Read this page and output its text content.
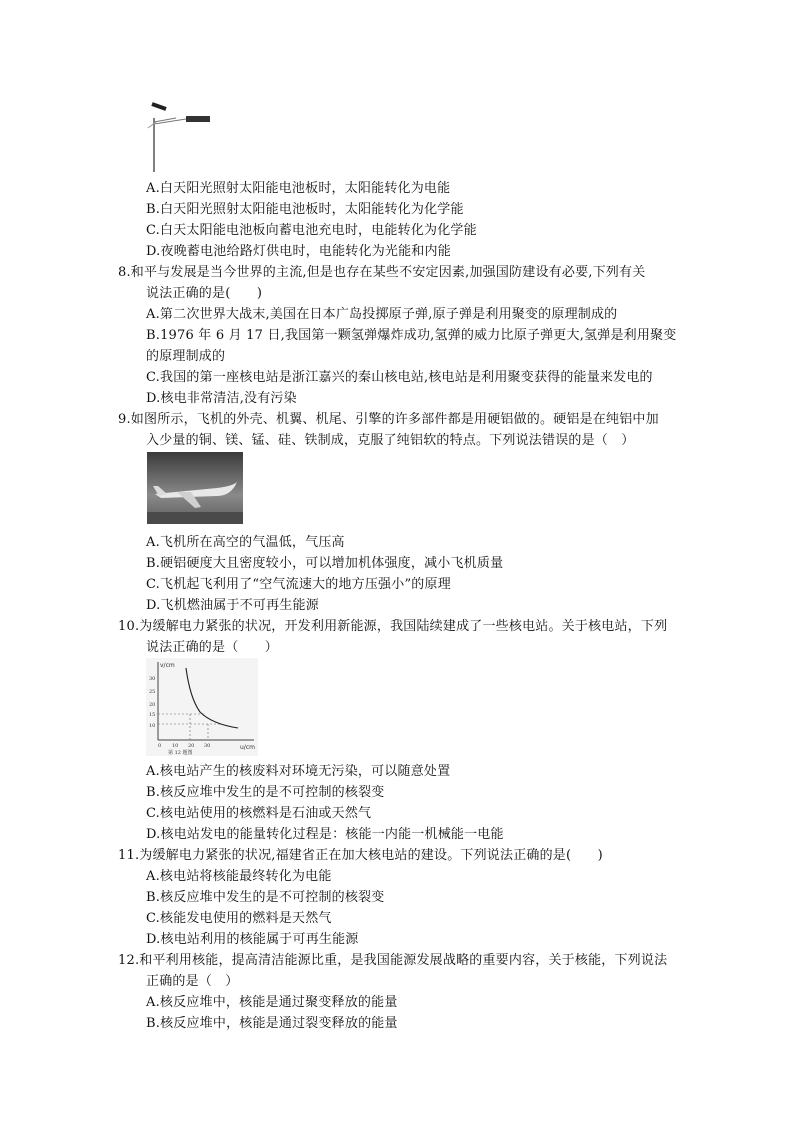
A.白天阳光照射太阳能电池板时，太阳能转化为电能
B.白天阳光照射太阳能电池板时，太阳能转化为化学能
C.白天太阳能电池板向蓄电池充电时，电能转化为化学能
D.夜晚蓄电池给路灯供电时，电能转化为光能和内能
8.和平与发展是当今世界的主流,但是也存在某些不安定因素,加强国防建设有必要,下列有关
说法正确的是(　　)
A.第二次世界大战末,美国在日本广岛投掷原子弹,原子弹是利用聚变的原理制成的
B.1976 年 6 月 17 日,我国第一颗氢弹爆炸成功,氢弹的威力比原子弹更大,氢弹是利用聚变
的原理制成的
C.我国的第一座核电站是浙江嘉兴的秦山核电站,核电站是利用聚变获得的能量来发电的
D.核电非常清洁,没有污染
9.如图所示，飞机的外壳、机翼、机尾、引擎的许多部件都是用硬铝做的。硬铝是在纯铝中加
入少量的铜、镁、锰、硅、铁制成，克服了纯铝软的特点。下列说法错误的是（　）
A.飞机所在高空的气温低，气压高
B.硬铝硬度大且密度较小，可以增加机体强度，减小飞机质量
C.飞机起飞利用了“空气流速大的地方压强小”的原理
D.飞机燃油属于不可再生能源
10.为缓解电力紧张的状况，开发利用新能源，我国陆续建成了一些核电站。关于核电站，下列
说法正确的是（　　）
v/cm
u/cm
30
25
20
15
10
0 10 20 30
第 12 题图
A.核电站产生的核废料对环境无污染，可以随意处置
B.核反应堆中发生的是不可控制的核裂变
C.核电站使用的核燃料是石油或天然气
D.核电站发电的能量转化过程是：核能一内能一机械能一电能
11.为缓解电力紧张的状况,福建省正在加大核电站的建设。下列说法正确的是(　　)
A.核电站将核能最终转化为电能
B.核反应堆中发生的是不可控制的核裂变
C.核能发电使用的燃料是天然气
D.核电站利用的核能属于可再生能源
12.和平利用核能，提高清洁能源比重，是我国能源发展战略的重要内容，关于核能，下列说法
正确的是（　）
A.核反应堆中，核能是通过聚变释放的能量
B.核反应堆中，核能是通过裂变释放的能量
